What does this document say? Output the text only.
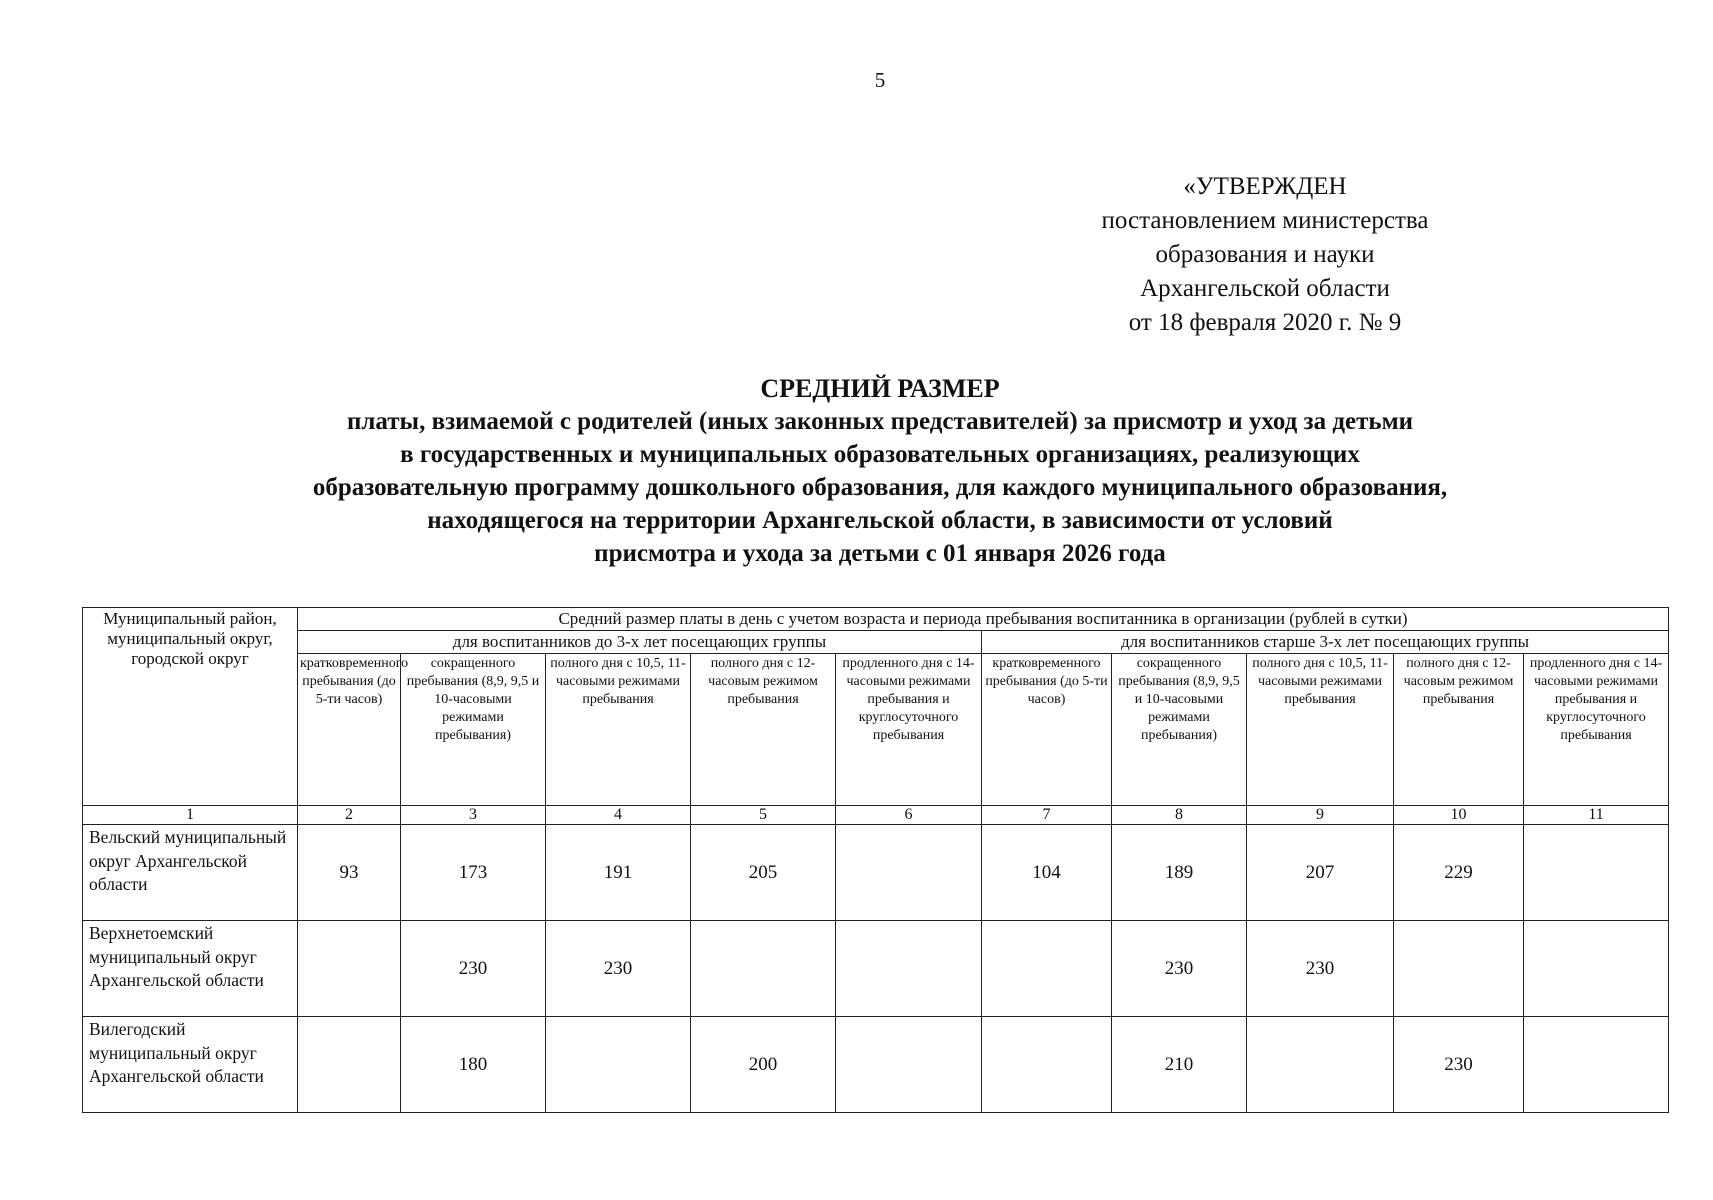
5
«УТВЕРЖДЕН
постановлением министерства
образования и науки
Архангельской области
от 18 февраля 2020 г. № 9
СРЕДНИЙ РАЗМЕР
платы, взимаемой с родителей (иных законных представителей) за присмотр и уход за детьми
в государственных и муниципальных образовательных организациях, реализующих
образовательную программу дошкольного образования, для каждого муниципального образования,
находящегося на территории Архангельской области, в зависимости от условий
присмотра и ухода за детьми с 01 января 2026 года
Муниципальный район, муниципальный округ, городской округ	Средний размер платы в день с учетом возраста и периода пребывания воспитанника в организации (рублей в сутки)									
	для воспитанников до 3-х лет посещающих группы					для воспитанников старше 3-х лет посещающих группы				
	кратковременного пребывания (до 5-ти часов)	сокращенного пребывания (8,9, 9,5 и 10-часовыми режимами пребывания)	полного дня с 10,5, 11-часовыми режимами пребывания	полного дня с 12-часовым режимом пребывания	продленного дня с 14-часовыми режимами пребывания и круглосуточного пребывания	кратковременного пребывания (до 5-ти часов)	сокращенного пребывания (8,9, 9,5 и 10-часовыми режимами пребывания)	полного дня с 10,5, 11-часовыми режимами пребывания	полного дня с 12-часовым режимом пребывания	продленного дня с 14-часовыми режимами пребывания и круглосуточного пребывания
1	2	3	4	5	6	7	8	9	10	11
Вельский муниципальный округ Архангельской области	93	173	191	205		104	189	207	229	
Верхнетоемский муниципальный округ Архангельской области		230	230				230	230		
Вилегодский муниципальный округ Архангельской области		180		200			210		230	
